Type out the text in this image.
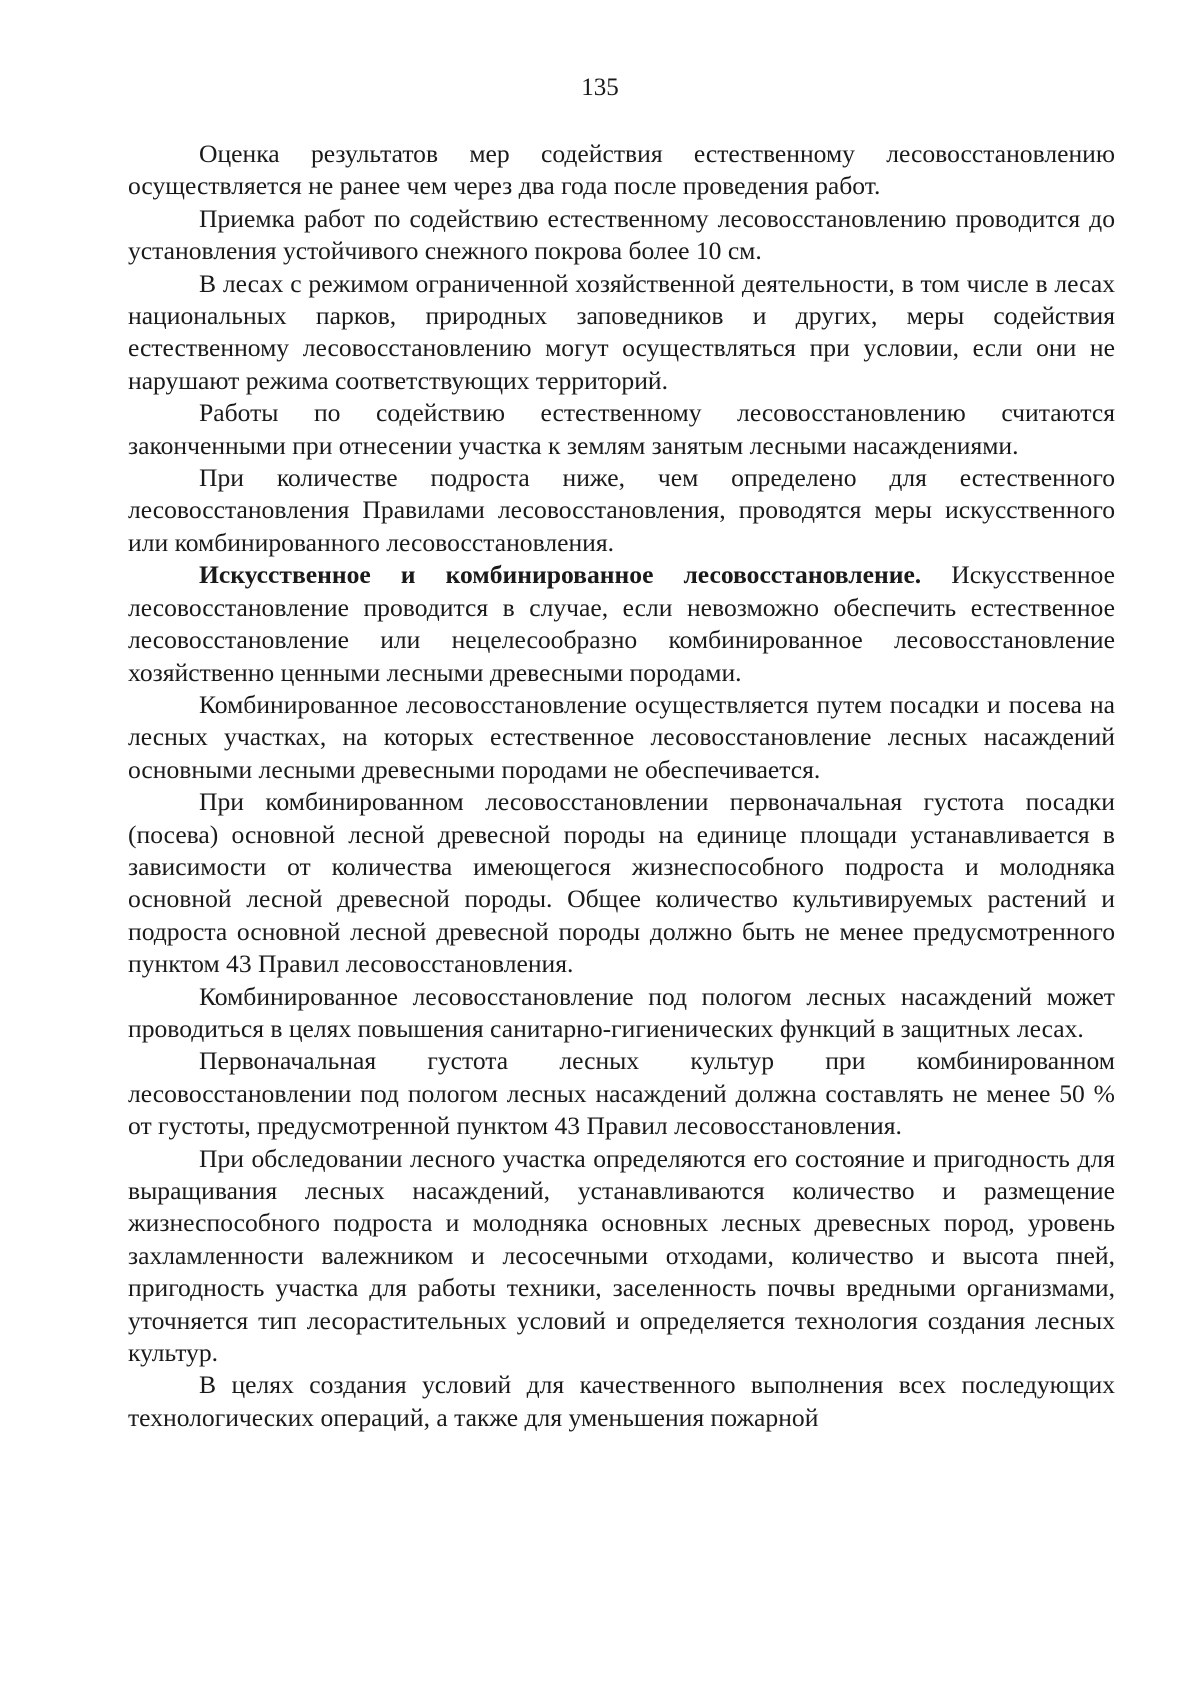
135

Оценка результатов мер содействия естественному лесовосстановлению осуществляется не ранее чем через два года после проведения работ.

Приемка работ по содействию естественному лесовосстановлению проводится до установления устойчивого снежного покрова более 10 см.

В лесах с режимом ограниченной хозяйственной деятельности, в том числе в лесах национальных парков, природных заповедников и других, меры содействия естественному лесовосстановлению могут осуществляться при условии, если они не нарушают режима соответствующих территорий.

Работы по содействию естественному лесовосстановлению считаются законченными при отнесении участка к землям занятым лесными насаждениями.

При количестве подроста ниже, чем определено для естественного лесовосстановления Правилами лесовосстановления, проводятся меры искусственного или комбинированного лесовосстановления.

Искусственное и комбинированное лесовосстановление. Искусственное лесовосстановление проводится в случае, если невозможно обеспечить естественное лесовосстановление или нецелесообразно комбинированное лесовосстановление хозяйственно ценными лесными древесными породами.

Комбинированное лесовосстановление осуществляется путем посадки и посева на лесных участках, на которых естественное лесовосстановление лесных насаждений основными лесными древесными породами не обеспечивается.

При комбинированном лесовосстановлении первоначальная густота посадки (посева) основной лесной древесной породы на единице площади устанавливается в зависимости от количества имеющегося жизнеспособного подроста и молодняка основной лесной древесной породы. Общее количество культивируемых растений и подроста основной лесной древесной породы должно быть не менее предусмотренного пунктом 43 Правил лесовосстановления.

Комбинированное лесовосстановление под пологом лесных насаждений может проводиться в целях повышения санитарно-гигиенических функций в защитных лесах.

Первоначальная густота лесных культур при комбинированном лесовосстановлении под пологом лесных насаждений должна составлять не менее 50 % от густоты, предусмотренной пунктом 43 Правил лесовосстановления.

При обследовании лесного участка определяются его состояние и пригодность для выращивания лесных насаждений, устанавливаются количество и размещение жизнеспособного подроста и молодняка основных лесных древесных пород, уровень захламленности валежником и лесосечными отходами, количество и высота пней, пригодность участка для работы техники, заселенность почвы вредными организмами, уточняется тип лесорастительных условий и определяется технология создания лесных культур.

В целях создания условий для качественного выполнения всех последующих технологических операций, а также для уменьшения пожарной
